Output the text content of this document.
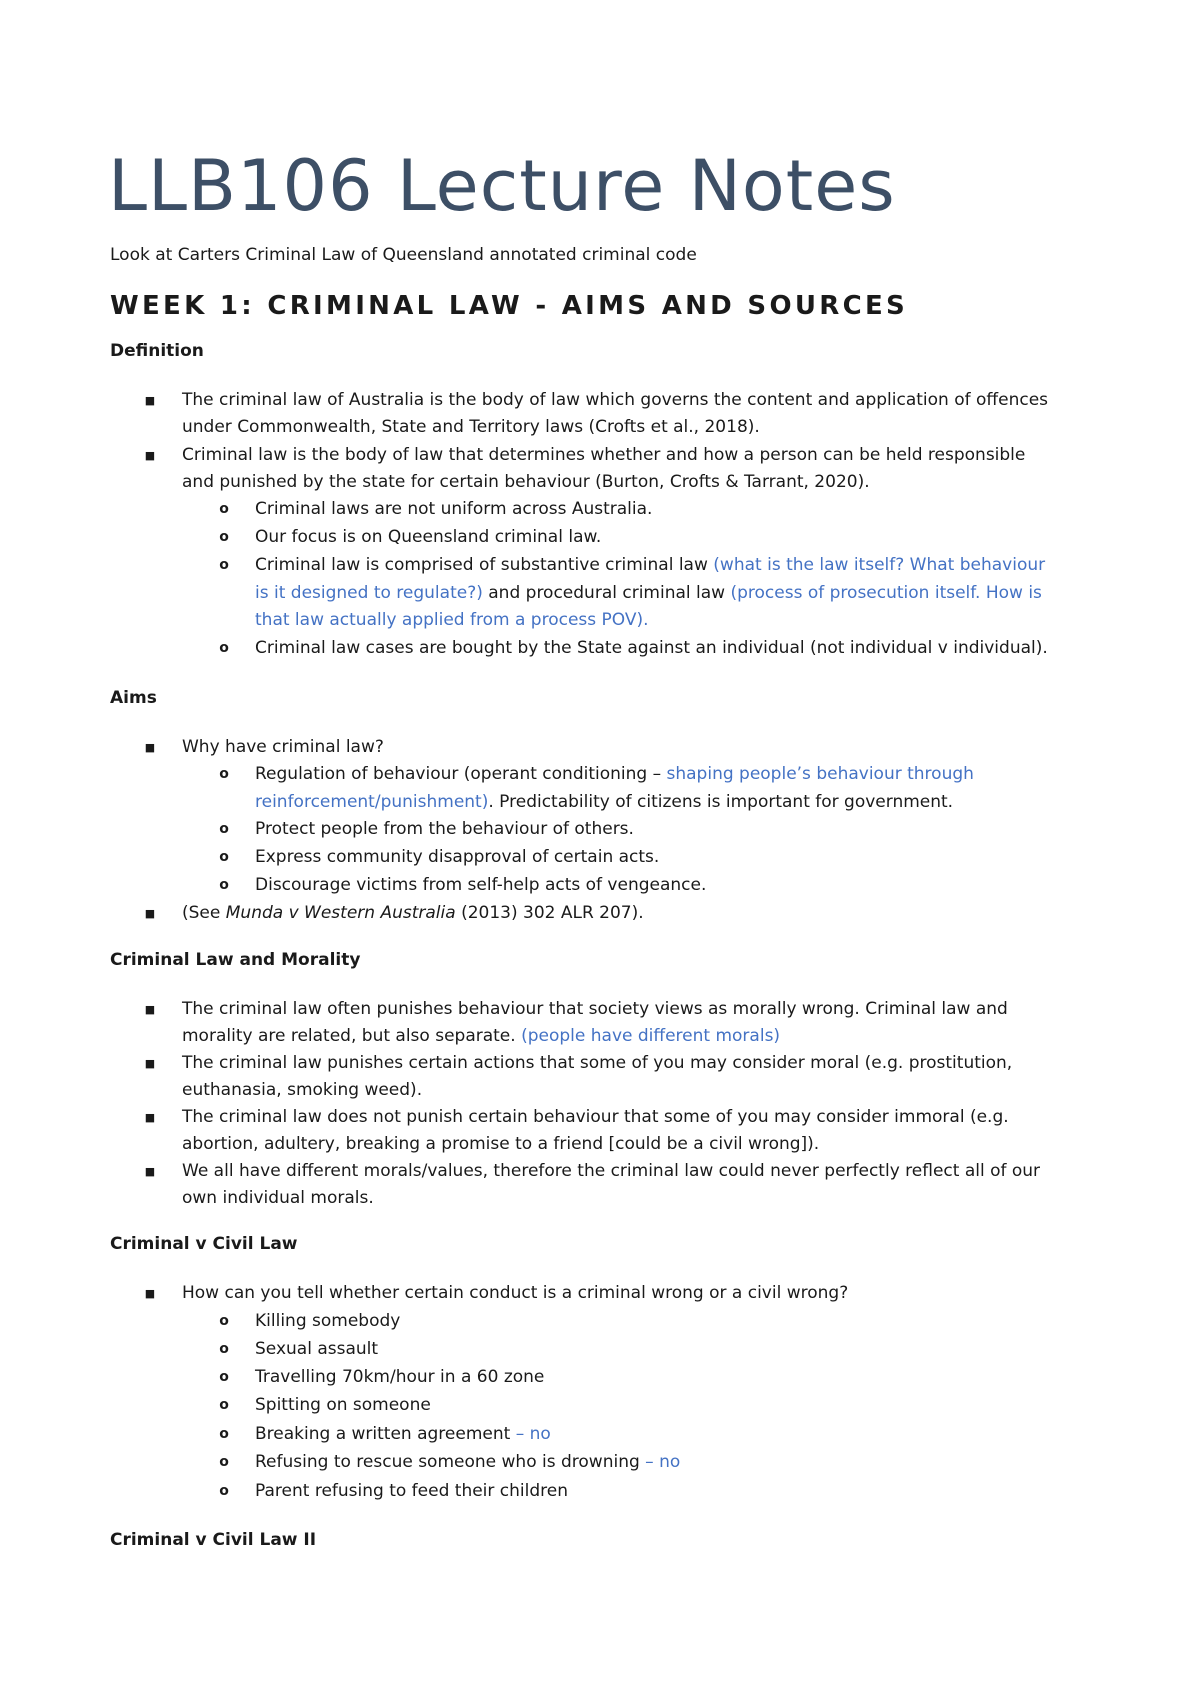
LLB106 Lecture Notes
Look at Carters Criminal Law of Queensland annotated criminal code
WEEK 1: CRIMINAL LAW - AIMS AND SOURCES
Definition
■ The criminal law of Australia is the body of law which governs the content and application of offences
under Commonwealth, State and Territory laws (Crofts et al., 2018).
■ Criminal law is the body of law that determines whether and how a person can be held responsible
and punished by the state for certain behaviour (Burton, Crofts & Tarrant, 2020).
o Criminal laws are not uniform across Australia.
o Our focus is on Queensland criminal law.
o Criminal law is comprised of substantive criminal law (what is the law itself? What behaviour
is it designed to regulate?) and procedural criminal law (process of prosecution itself. How is
that law actually applied from a process POV).
o Criminal law cases are bought by the State against an individual (not individual v individual).
Aims
■ Why have criminal law?
o Regulation of behaviour (operant conditioning – shaping people’s behaviour through
reinforcement/punishment). Predictability of citizens is important for government.
o Protect people from the behaviour of others.
o Express community disapproval of certain acts.
o Discourage victims from self-help acts of vengeance.
■ (See Munda v Western Australia (2013) 302 ALR 207).
Criminal Law and Morality
■ The criminal law often punishes behaviour that society views as morally wrong. Criminal law and
morality are related, but also separate. (people have different morals)
■ The criminal law punishes certain actions that some of you may consider moral (e.g. prostitution,
euthanasia, smoking weed).
■ The criminal law does not punish certain behaviour that some of you may consider immoral (e.g.
abortion, adultery, breaking a promise to a friend [could be a civil wrong]).
■ We all have different morals/values, therefore the criminal law could never perfectly reflect all of our
own individual morals.
Criminal v Civil Law
■ How can you tell whether certain conduct is a criminal wrong or a civil wrong?
o Killing somebody
o Sexual assault
o Travelling 70km/hour in a 60 zone
o Spitting on someone
o Breaking a written agreement – no
o Refusing to rescue someone who is drowning – no
o Parent refusing to feed their children
Criminal v Civil Law II
